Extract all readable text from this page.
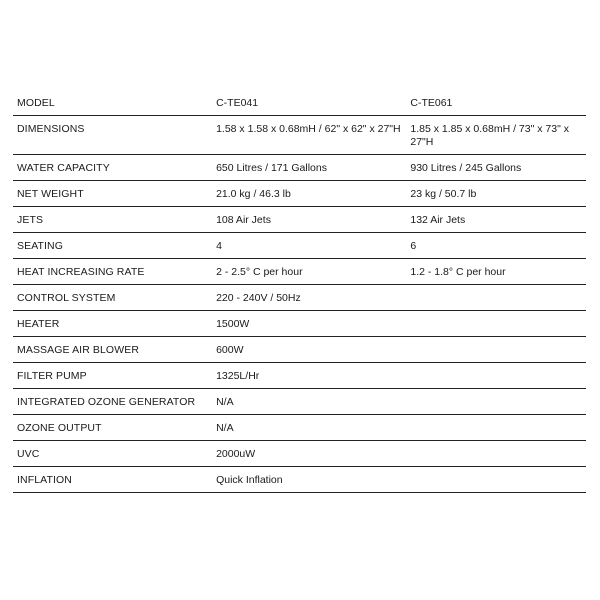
MODEL	C-TE041	C-TE061
DIMENSIONS	1.58 x 1.58 x 0.68mH / 62" x 62" x 27"H	1.85 x 1.85 x 0.68mH / 73" x 73" x 27"H
WATER CAPACITY	650 Litres / 171 Gallons	930 Litres / 245 Gallons
NET WEIGHT	21.0 kg / 46.3 lb	23 kg / 50.7 lb
JETS	108 Air Jets	132 Air Jets
SEATING	4	6
HEAT INCREASING RATE	2 - 2.5° C per hour	1.2 - 1.8° C per hour
CONTROL SYSTEM	220 - 240V / 50Hz	
HEATER	1500W	
MASSAGE AIR BLOWER	600W	
FILTER PUMP	1325L/Hr	
INTEGRATED OZONE GENERATOR	N/A	
OZONE OUTPUT	N/A	
UVC	2000uW	
INFLATION	Quick Inflation	
